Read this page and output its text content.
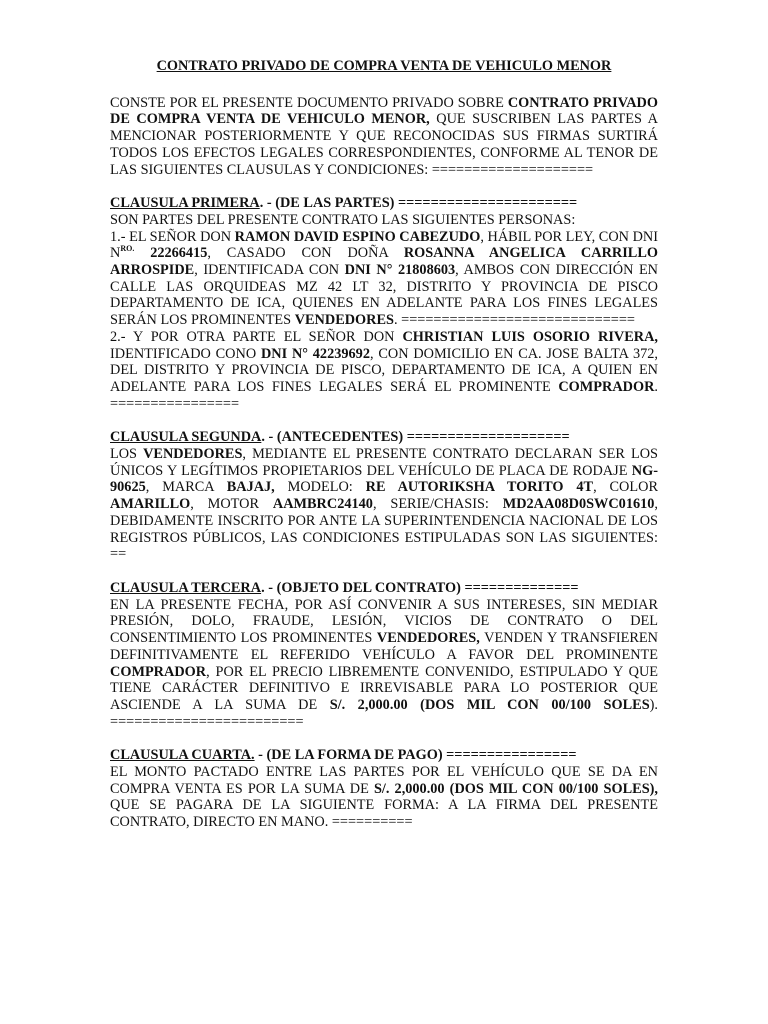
CONTRATO PRIVADO DE COMPRA VENTA DE VEHICULO MENOR

CONSTE POR EL PRESENTE DOCUMENTO PRIVADO SOBRE CONTRATO PRIVADO DE COMPRA VENTA DE VEHICULO MENOR, QUE SUSCRIBEN LAS PARTES A MENCIONAR POSTERIORMENTE Y QUE RECONOCIDAS SUS FIRMAS SURTIRÁ TODOS LOS EFECTOS LEGALES CORRESPONDIENTES, CONFORME AL TENOR DE LAS SIGUIENTES CLAUSULAS Y CONDICIONES: ====================

CLAUSULA PRIMERA. - (DE LAS PARTES) ======================

SON PARTES DEL PRESENTE CONTRATO LAS SIGUIENTES PERSONAS:

1.- EL SEÑOR DON RAMON DAVID ESPINO CABEZUDO, HÁBIL POR LEY, CON DNI $N^{RO.}$ 22266415, CASADO CON DOÑA ROSANNA ANGELICA CARRILLO ARROSPIDE, IDENTIFICADA CON DNI N° 21808603, AMBOS CON DIRECCIÓN EN CALLE LAS ORQUIDEAS MZ 42 LT 32, DISTRITO Y PROVINCIA DE PISCO DEPARTAMENTO DE ICA, QUIENES EN ADELANTE PARA LOS FINES LEGALES SERÁN LOS PROMINENTES VENDEDORES. =============================

2.- Y POR OTRA PARTE EL SEÑOR DON CHRISTIAN LUIS OSORIO RIVERA, IDENTIFICADO CONO DNI N° 42239692, CON DOMICILIO EN CA. JOSE BALTA 372, DEL DISTRITO Y PROVINCIA DE PISCO, DEPARTAMENTO DE ICA, A QUIEN EN ADELANTE PARA LOS FINES LEGALES SERÁ EL PROMINENTE COMPRADOR. ================

CLAUSULA SEGUNDA. - (ANTECEDENTES) ====================

LOS VENDEDORES, MEDIANTE EL PRESENTE CONTRATO DECLARAN SER LOS ÚNICOS Y LEGÍTIMOS PROPIETARIOS DEL VEHÍCULO DE PLACA DE RODAJE NG-90625, MARCA BAJAJ, MODELO: RE AUTORIKSHA TORITO 4T, COLOR AMARILLO, MOTOR AAMBRC24140, SERIE/CHASIS: MD2AA08D0SWC01610, DEBIDAMENTE INSCRITO POR ANTE LA SUPERINTENDENCIA NACIONAL DE LOS REGISTROS PÚBLICOS, LAS CONDICIONES ESTIPULADAS SON LAS SIGUIENTES: ==

CLAUSULA TERCERA. - (OBJETO DEL CONTRATO) ==============

EN LA PRESENTE FECHA, POR ASÍ CONVENIR A SUS INTERESES, SIN MEDIAR PRESIÓN, DOLO, FRAUDE, LESIÓN, VICIOS DE CONTRATO O DEL CONSENTIMIENTO LOS PROMINENTES VENDEDORES, VENDEN Y TRANSFIEREN DEFINITIVAMENTE EL REFERIDO VEHÍCULO A FAVOR DEL PROMINENTE COMPRADOR, POR EL PRECIO LIBREMENTE CONVENIDO, ESTIPULADO Y QUE TIENE CARÁCTER DEFINITIVO E IRREVISABLE PARA LO POSTERIOR QUE ASCIENDE A LA SUMA DE S/. 2,000.00 (DOS MIL CON 00/100 SOLES). ========================

CLAUSULA CUARTA. - (DE LA FORMA DE PAGO) ================

EL MONTO PACTADO ENTRE LAS PARTES POR EL VEHÍCULO QUE SE DA EN COMPRA VENTA ES POR LA SUMA DE S/. 2,000.00 (DOS MIL CON 00/100 SOLES), QUE SE PAGARA DE LA SIGUIENTE FORMA: A LA FIRMA DEL PRESENTE CONTRATO, DIRECTO EN MANO. ==========
